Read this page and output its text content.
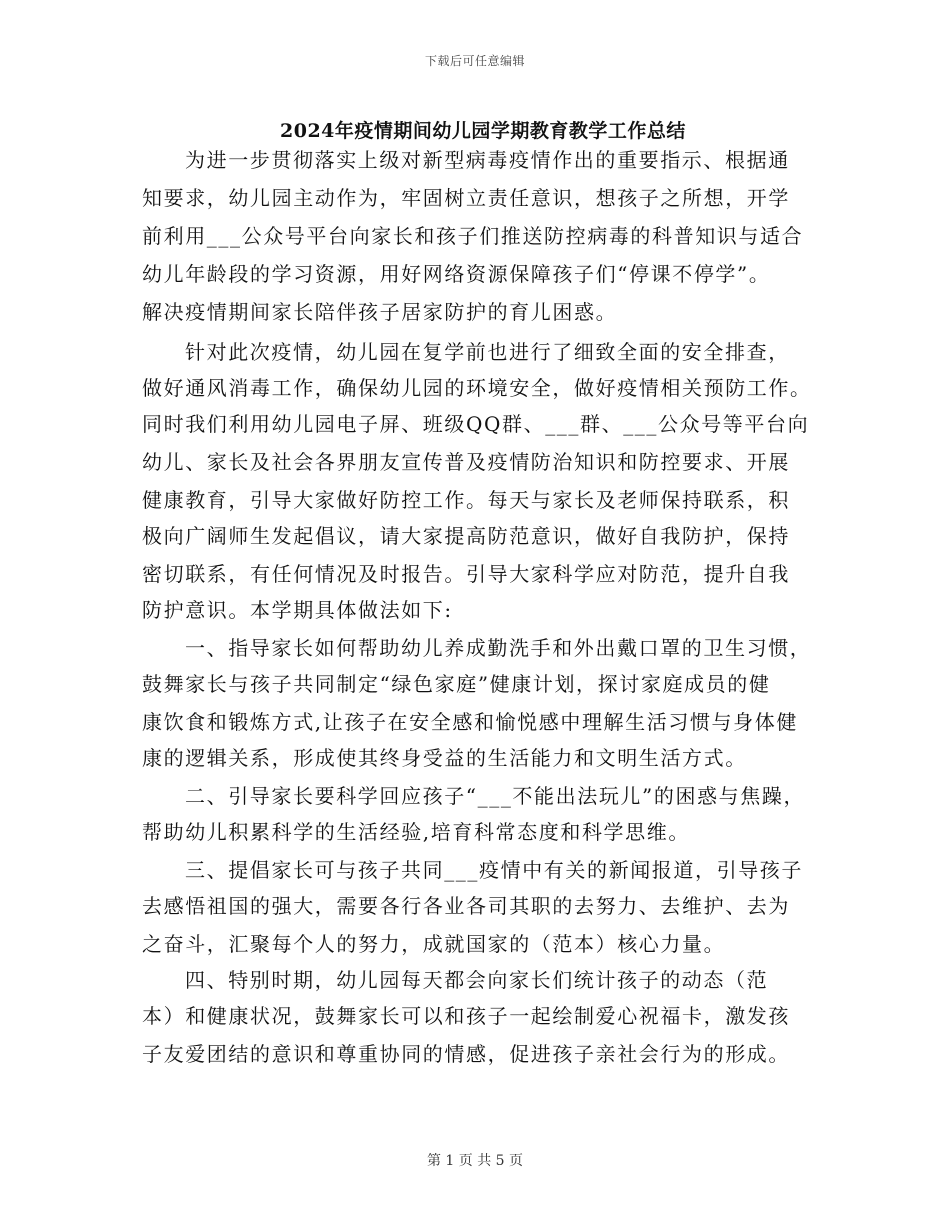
下载后可任意编辑
2024年疫情期间幼儿园学期教育教学工作总结
为进一步贯彻落实上级对新型病毒疫情作出的重要指示、根据通
知要求，幼儿园主动作为，牢固树立责任意识，想孩子之所想，开学
前利用___公众号平台向家长和孩子们推送防控病毒的科普知识与适合
幼儿年龄段的学习资源，用好网络资源保障孩子们“停课不停学”。
解决疫情期间家长陪伴孩子居家防护的育儿困惑。
针对此次疫情，幼儿园在复学前也进行了细致全面的安全排查，
做好通风消毒工作，确保幼儿园的环境安全，做好疫情相关预防工作。
同时我们利用幼儿园电子屏、班级QQ群、___群、___公众号等平台向
幼儿、家长及社会各界朋友宣传普及疫情防治知识和防控要求、开展
健康教育，引导大家做好防控工作。每天与家长及老师保持联系，积
极向广阔师生发起倡议，请大家提高防范意识，做好自我防护，保持
密切联系，有任何情况及时报告。引导大家科学应对防范，提升自我
防护意识。本学期具体做法如下:
一、指导家长如何帮助幼儿养成勤洗手和外出戴口罩的卫生习惯，
鼓舞家长与孩子共同制定“绿色家庭”健康计划，探讨家庭成员的健
康饮食和锻炼方式,让孩子在安全感和愉悦感中理解生活习惯与身体健
康的逻辑关系，形成使其终身受益的生活能力和文明生活方式。
二、引导家长要科学回应孩子“___不能出法玩儿”的困惑与焦躁，
帮助幼儿积累科学的生活经验,培育科常态度和科学思维。
三、提倡家长可与孩子共同___疫情中有关的新闻报道，引导孩子
去感悟祖国的强大，需要各行各业各司其职的去努力、去维护、去为
之奋斗，汇聚每个人的努力，成就国家的（范本）核心力量。
四、特别时期，幼儿园每天都会向家长们统计孩子的动态（范
本）和健康状况，鼓舞家长可以和孩子一起绘制爱心祝福卡，激发孩
子友爱团结的意识和尊重协同的情感，促进孩子亲社会行为的形成。
第 1 页 共 5 页
